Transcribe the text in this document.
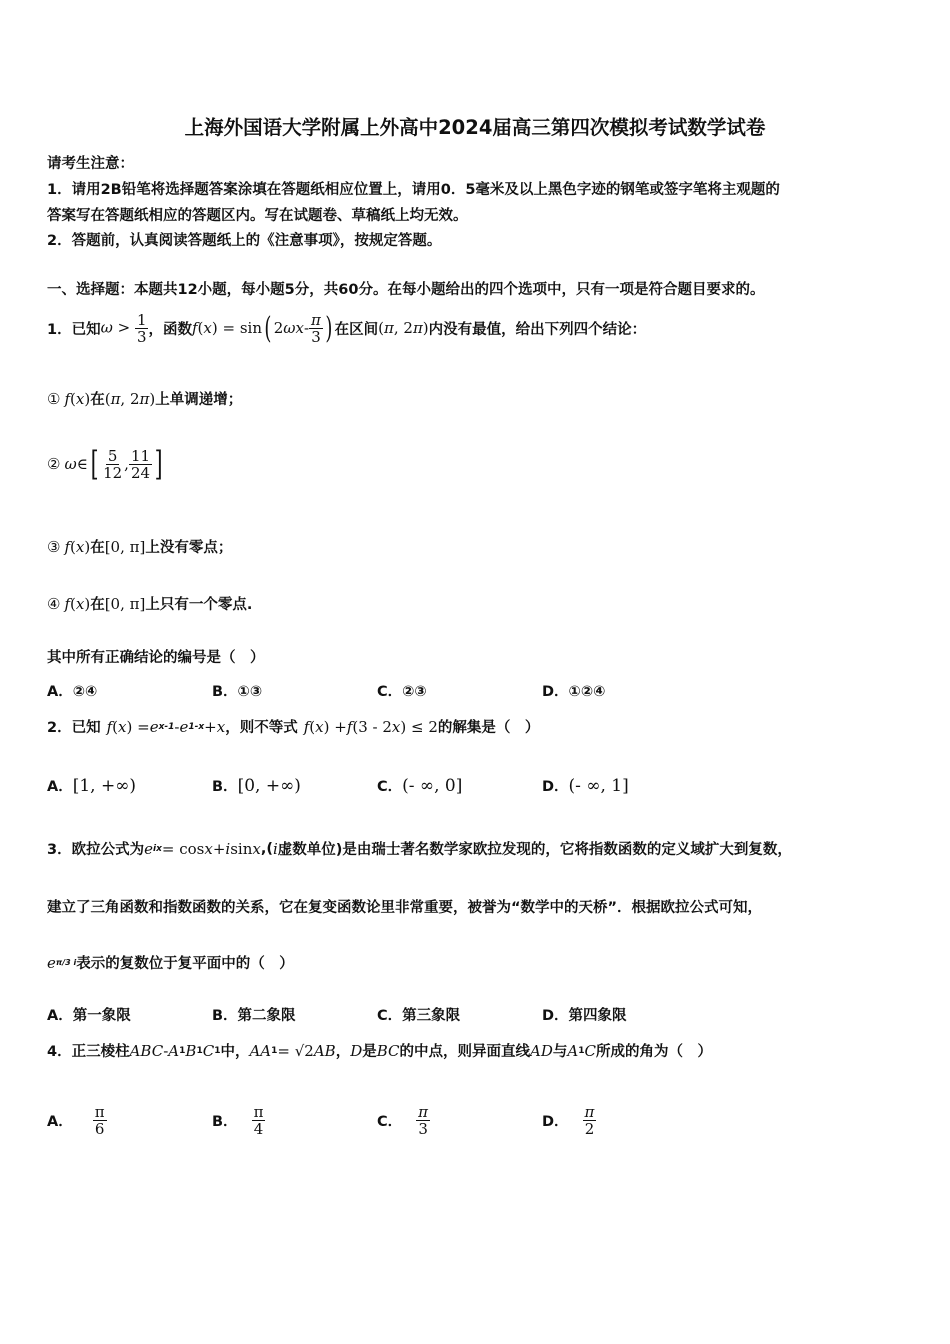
上海外国语大学附属上外高中2024届高三第四次模拟考试数学试卷
请考生注意：
1．请用2B铅笔将选择题答案涂填在答题纸相应位置上，请用0．5毫米及以上黑色字迹的钢笔或签字笔将主观题的
答案写在答题纸相应的答题区内。写在试题卷、草稿纸上均无效。
2．答题前，认真阅读答题纸上的《注意事项》，按规定答题。
一、选择题：本题共12小题，每小题5分，共60分。在每小题给出的四个选项中，只有一项是符合题目要求的。
1．已知 $\omega > \frac{1}{3}$ ，函数 f ( x ) = sin ( 2 ωx - $\frac{\pi}{3}$ ) 在区间 (π, 2π) 内没有最值，给出下列四个结论：
① f ( x ) 在 (π, 2π) 上单调递增；
② ω ∈ [ $\frac{5}{12}$ , $\frac{11}{24}$ ]
③ f ( x ) 在 [0, π] 上没有零点；
④ f ( x ) 在 [0, π] 上只有一个零点.
其中所有正确结论的编号是（　）
A．②④	B．①③	C．②③	D．①②④
2．已知 f ( x ) = e x-1 - e 1-x + x ，则不等式 f ( x ) + f (3 - 2 x ) ≤ 2 的解集是（　）
A． [1, +∞)	B． [0, +∞)	C． (- ∞, 0]	D． (- ∞, 1]
3．欧拉公式为 e ix = cos x + i sin x ,( i 虚数单位)是由瑞士著名数学家欧拉发现的，它将指数函数的定义域扩大到复数，
建立了三角函数和指数函数的关系，它在复变函数论里非常重要，被誉为“数学中的天桥”．根据欧拉公式可知，
e π/3 i 表示的复数位于复平面中的（　）
A．第一象限	B．第二象限	C．第三象限	D．第四象限
4．正三棱柱 ABC - A 1 B 1 C 1 中， AA 1 = √2 AB ， D 是 BC 的中点，则异面直线 AD 与 A 1 C 所成的角为（　）
A． $\frac{\pi}{6}$	B． $\frac{\pi}{4}$	C． $\frac{\pi}{3}$	D． $\frac{\pi}{2}$
